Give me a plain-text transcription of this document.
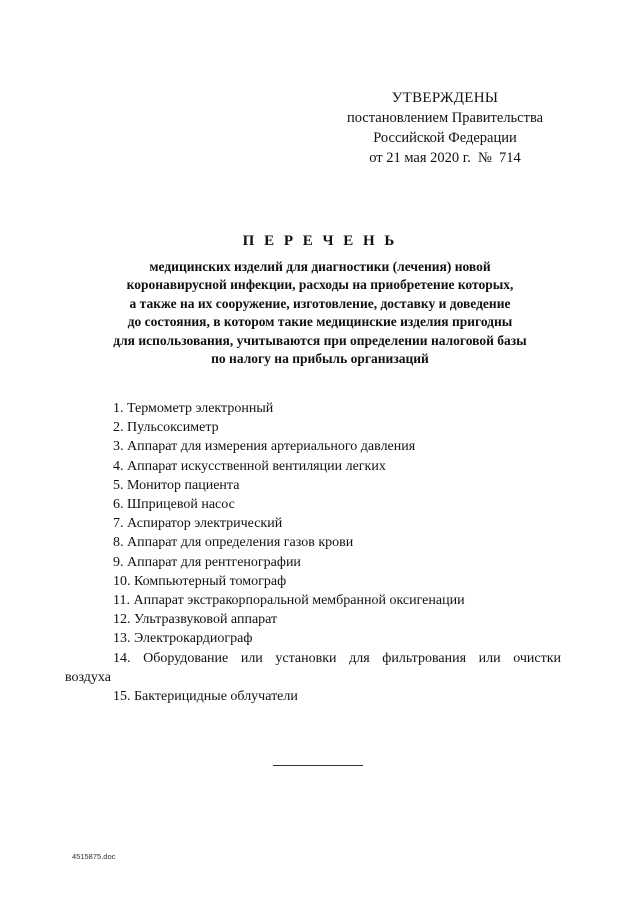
УТВЕРЖДЕНЫ
постановлением Правительства
Российской Федерации
от 21 мая 2020 г.  №  714
П Е Р Е Ч Е Н Ь
медицинских изделий для диагностики (лечения) новой
коронавирусной инфекции, расходы на приобретение которых,
а также на их сооружение, изготовление, доставку и доведение
до состояния, в котором такие медицинские изделия пригодны
для использования, учитываются при определении налоговой базы
по налогу на прибыль организаций
1. Термометр электронный
2. Пульсоксиметр
3. Аппарат для измерения артериального давления
4. Аппарат искусственной вентиляции легких
5. Монитор пациента
6. Шприцевой насос
7. Аспиратор электрический
8. Аппарат для определения газов крови
9. Аппарат для рентгенографии
10. Компьютерный томограф
11. Аппарат экстракорпоральной мембранной оксигенации
12. Ультразвуковой аппарат
13. Электрокардиограф
14. Оборудование или установки для фильтрования или очистки
воздуха
15. Бактерицидные облучатели
4515875.doc
